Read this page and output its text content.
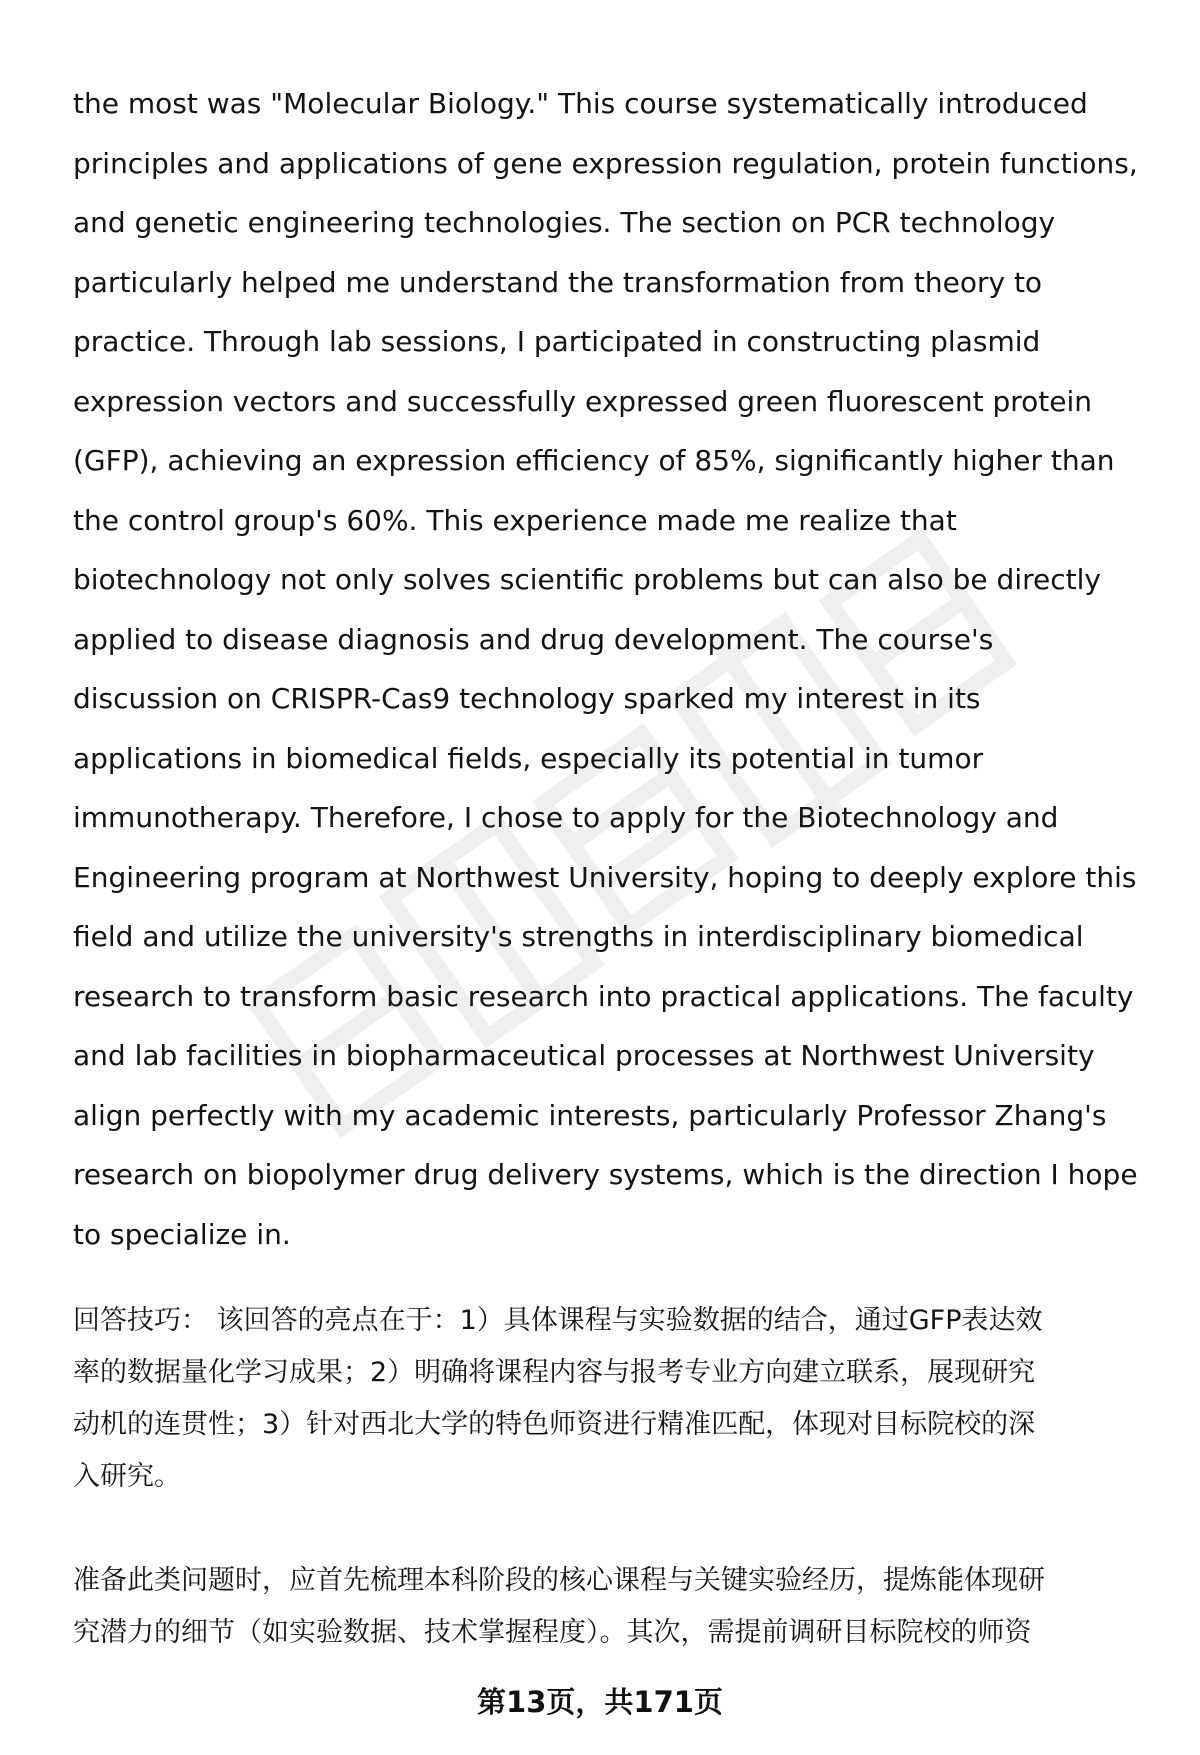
the most was "Molecular Biology." This course systematically introduced
principles and applications of gene expression regulation, protein functions,
and genetic engineering technologies. The section on PCR technology
particularly helped me understand the transformation from theory to
practice. Through lab sessions, I participated in constructing plasmid
expression vectors and successfully expressed green fluorescent protein
(GFP), achieving an expression efficiency of 85%, significantly higher than
the control group's 60%. This experience made me realize that
biotechnology not only solves scientific problems but can also be directly
applied to disease diagnosis and drug development. The course's
discussion on CRISPR-Cas9 technology sparked my interest in its
applications in biomedical fields, especially its potential in tumor
immunotherapy. Therefore, I chose to apply for the Biotechnology and
Engineering program at Northwest University, hoping to deeply explore this
field and utilize the university's strengths in interdisciplinary biomedical
research to transform basic research into practical applications. The faculty
and lab facilities in biopharmaceutical processes at Northwest University
align perfectly with my academic interests, particularly Professor Zhang's
research on biopolymer drug delivery systems, which is the direction I hope
to specialize in.

回答技巧： 该回答的亮点在于：1）具体课程与实验数据的结合，通过GFP表达效
率的数据量化学习成果；2）明确将课程内容与报考专业方向建立联系，展现研究
动机的连贯性；3）针对西北大学的特色师资进行精准匹配，体现对目标院校的深
入研究。

准备此类问题时，应首先梳理本科阶段的核心课程与关键实验经历，提炼能体现研
究潜力的细节（如实验数据、技术掌握程度）。其次，需提前调研目标院校的师资

第13页，共171页
